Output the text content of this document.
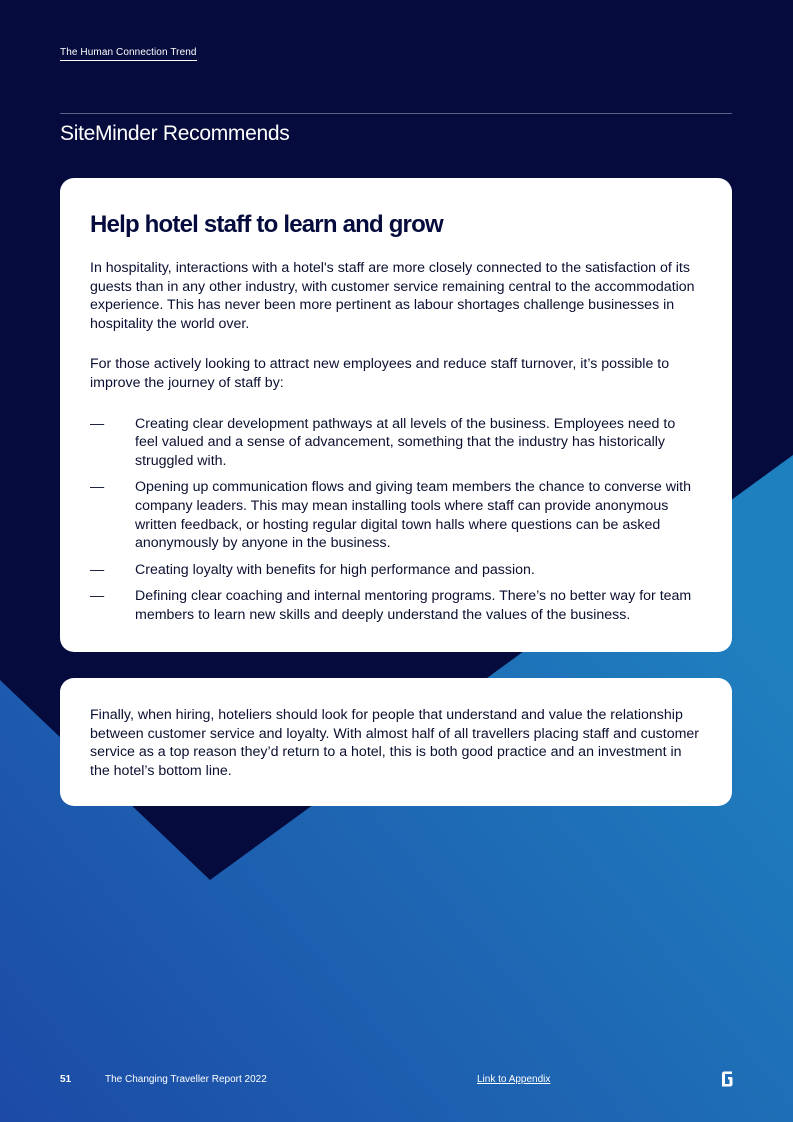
The Human Connection Trend
SiteMinder Recommends
Help hotel staff to learn and grow

In hospitality, interactions with a hotel's staff are more closely connected to the satisfaction of its guests than in any other industry, with customer service remaining central to the accommodation experience. This has never been more pertinent as labour shortages challenge businesses in hospitality the world over.

For those actively looking to attract new employees and reduce staff turnover, it’s possible to improve the journey of staff by:

—	Creating clear development pathways at all levels of the business. Employees need to feel valued and a sense of advancement, something that the industry has historically struggled with.
—	Opening up communication flows and giving team members the chance to converse with company leaders. This may mean installing tools where staff can provide anonymous written feedback, or hosting regular digital town halls where questions can be asked anonymously by anyone in the business.
—	Creating loyalty with benefits for high performance and passion.
—	Defining clear coaching and internal mentoring programs. There’s no better way for team members to learn new skills and deeply understand the values of the business.

Finally, when hiring, hoteliers should look for people that understand and value the relationship between customer service and loyalty. With almost half of all travellers placing staff and customer service as a top reason they’d return to a hotel, this is both good practice and an investment in the hotel’s bottom line.

51	The Changing Traveller Report 2022	Link to Appendix
